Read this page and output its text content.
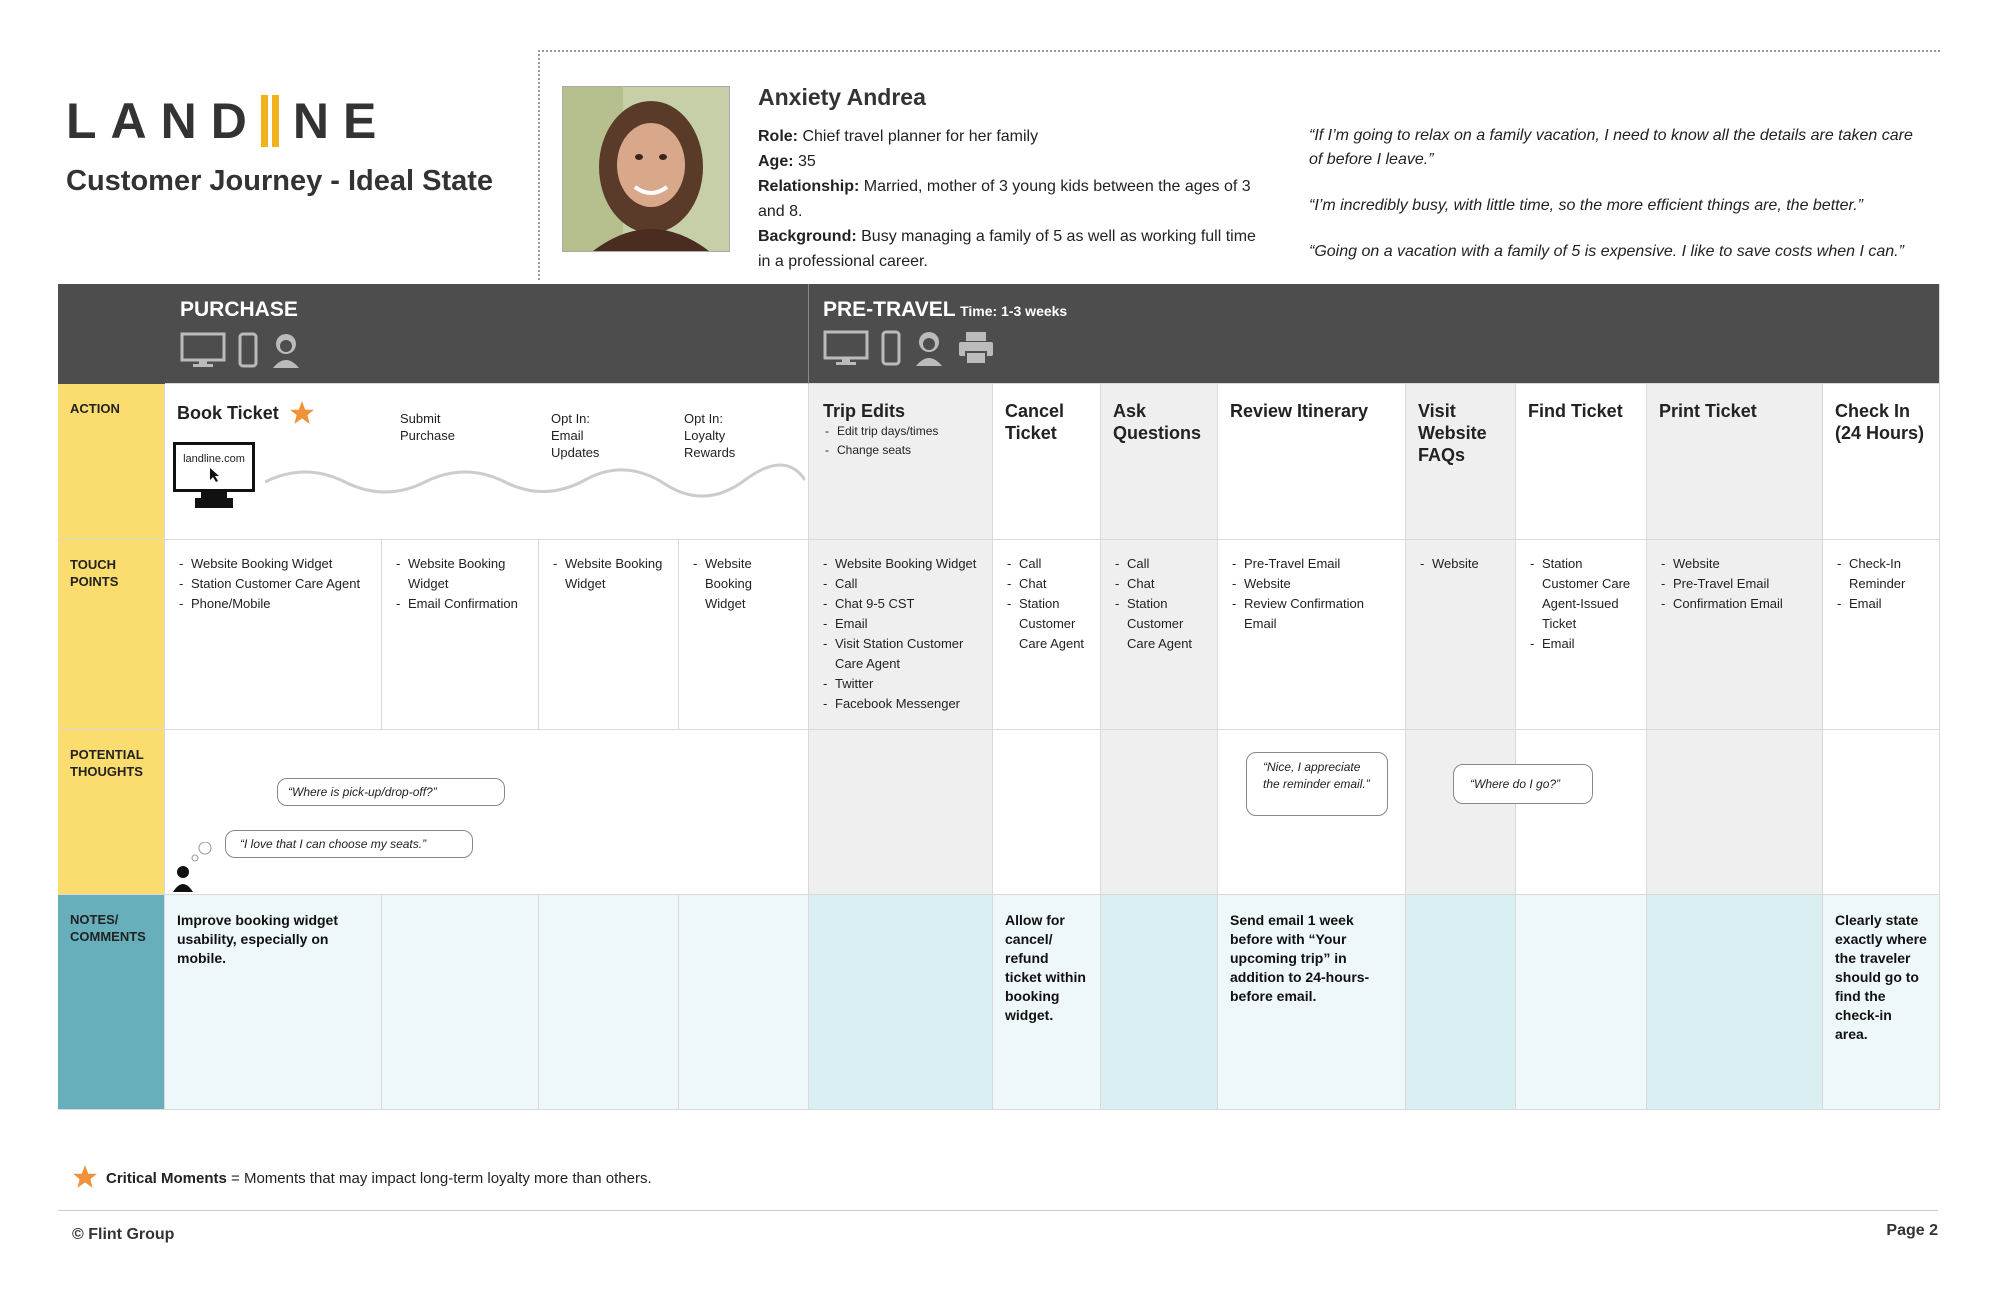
LAND NE
Customer Journey - Ideal State
Anxiety Andrea
Role: Chief travel planner for her family
Age: 35
Relationship: Married, mother of 3 young kids between the ages of 3 and 8.
Background: Busy managing a family of 5 as well as working full time in a professional career.
“If I’m going to relax on a family vacation, I need to know all the details are taken care of before I leave.”
“I’m incredibly busy, with little time, so the more efficient things are, the better.”
“Going on a vacation with a family of 5 is expensive. I like to save costs when I can.”
PURCHASE	PRE-TRAVEL Time: 1-3 weeks
ACTION
TOUCH
POINTS
POTENTIAL
THOUGHTS
NOTES/
COMMENTS
Book Ticket
landline.com
Submit
Purchase
Opt In:
Email
Updates
Opt In:
Loyalty
Rewards
Trip Edits
- Edit trip days/times
- Change seats
Cancel
Ticket
Ask
Questions
Review Itinerary	Visit
Website
FAQs
Find Ticket	Print Ticket	Check In
(24 Hours)
- Website Booking Widget
- Station Customer Care Agent
- Phone/Mobile
- Website Booking Widget
- Email Confirmation
- Website Booking Widget
- Website Booking Widget
- Website Booking Widget
- Call
- Chat 9-5 CST
- Email
- Visit Station Customer Care Agent
- Twitter
- Facebook Messenger
- Call
- Chat
- Station Customer Care Agent
- Call
- Chat
- Station Customer Care Agent
- Pre-Travel Email
- Website
- Review Confirmation Email
- Website
-	Station Customer Care Agent-Issued Ticket
- Email
- Website
- Pre-Travel Email
- Confirmation Email
- Check-In Reminder
- Email
“Where is pick-up/drop-off?”
“I love that I can choose my seats.”
“Nice, I appreciate the reminder email.”	“Where do I go?”
Improve booking widget usability, especially on mobile.
Allow for cancel/ refund ticket within booking widget.
Send email 1 week before with “Your upcoming trip” in addition to 24-hours-before email.
Clearly state exactly where the traveler should go to find the check-in area.
Critical Moments = Moments that may impact long-term loyalty more than others.
© Flint Group	Page 2
